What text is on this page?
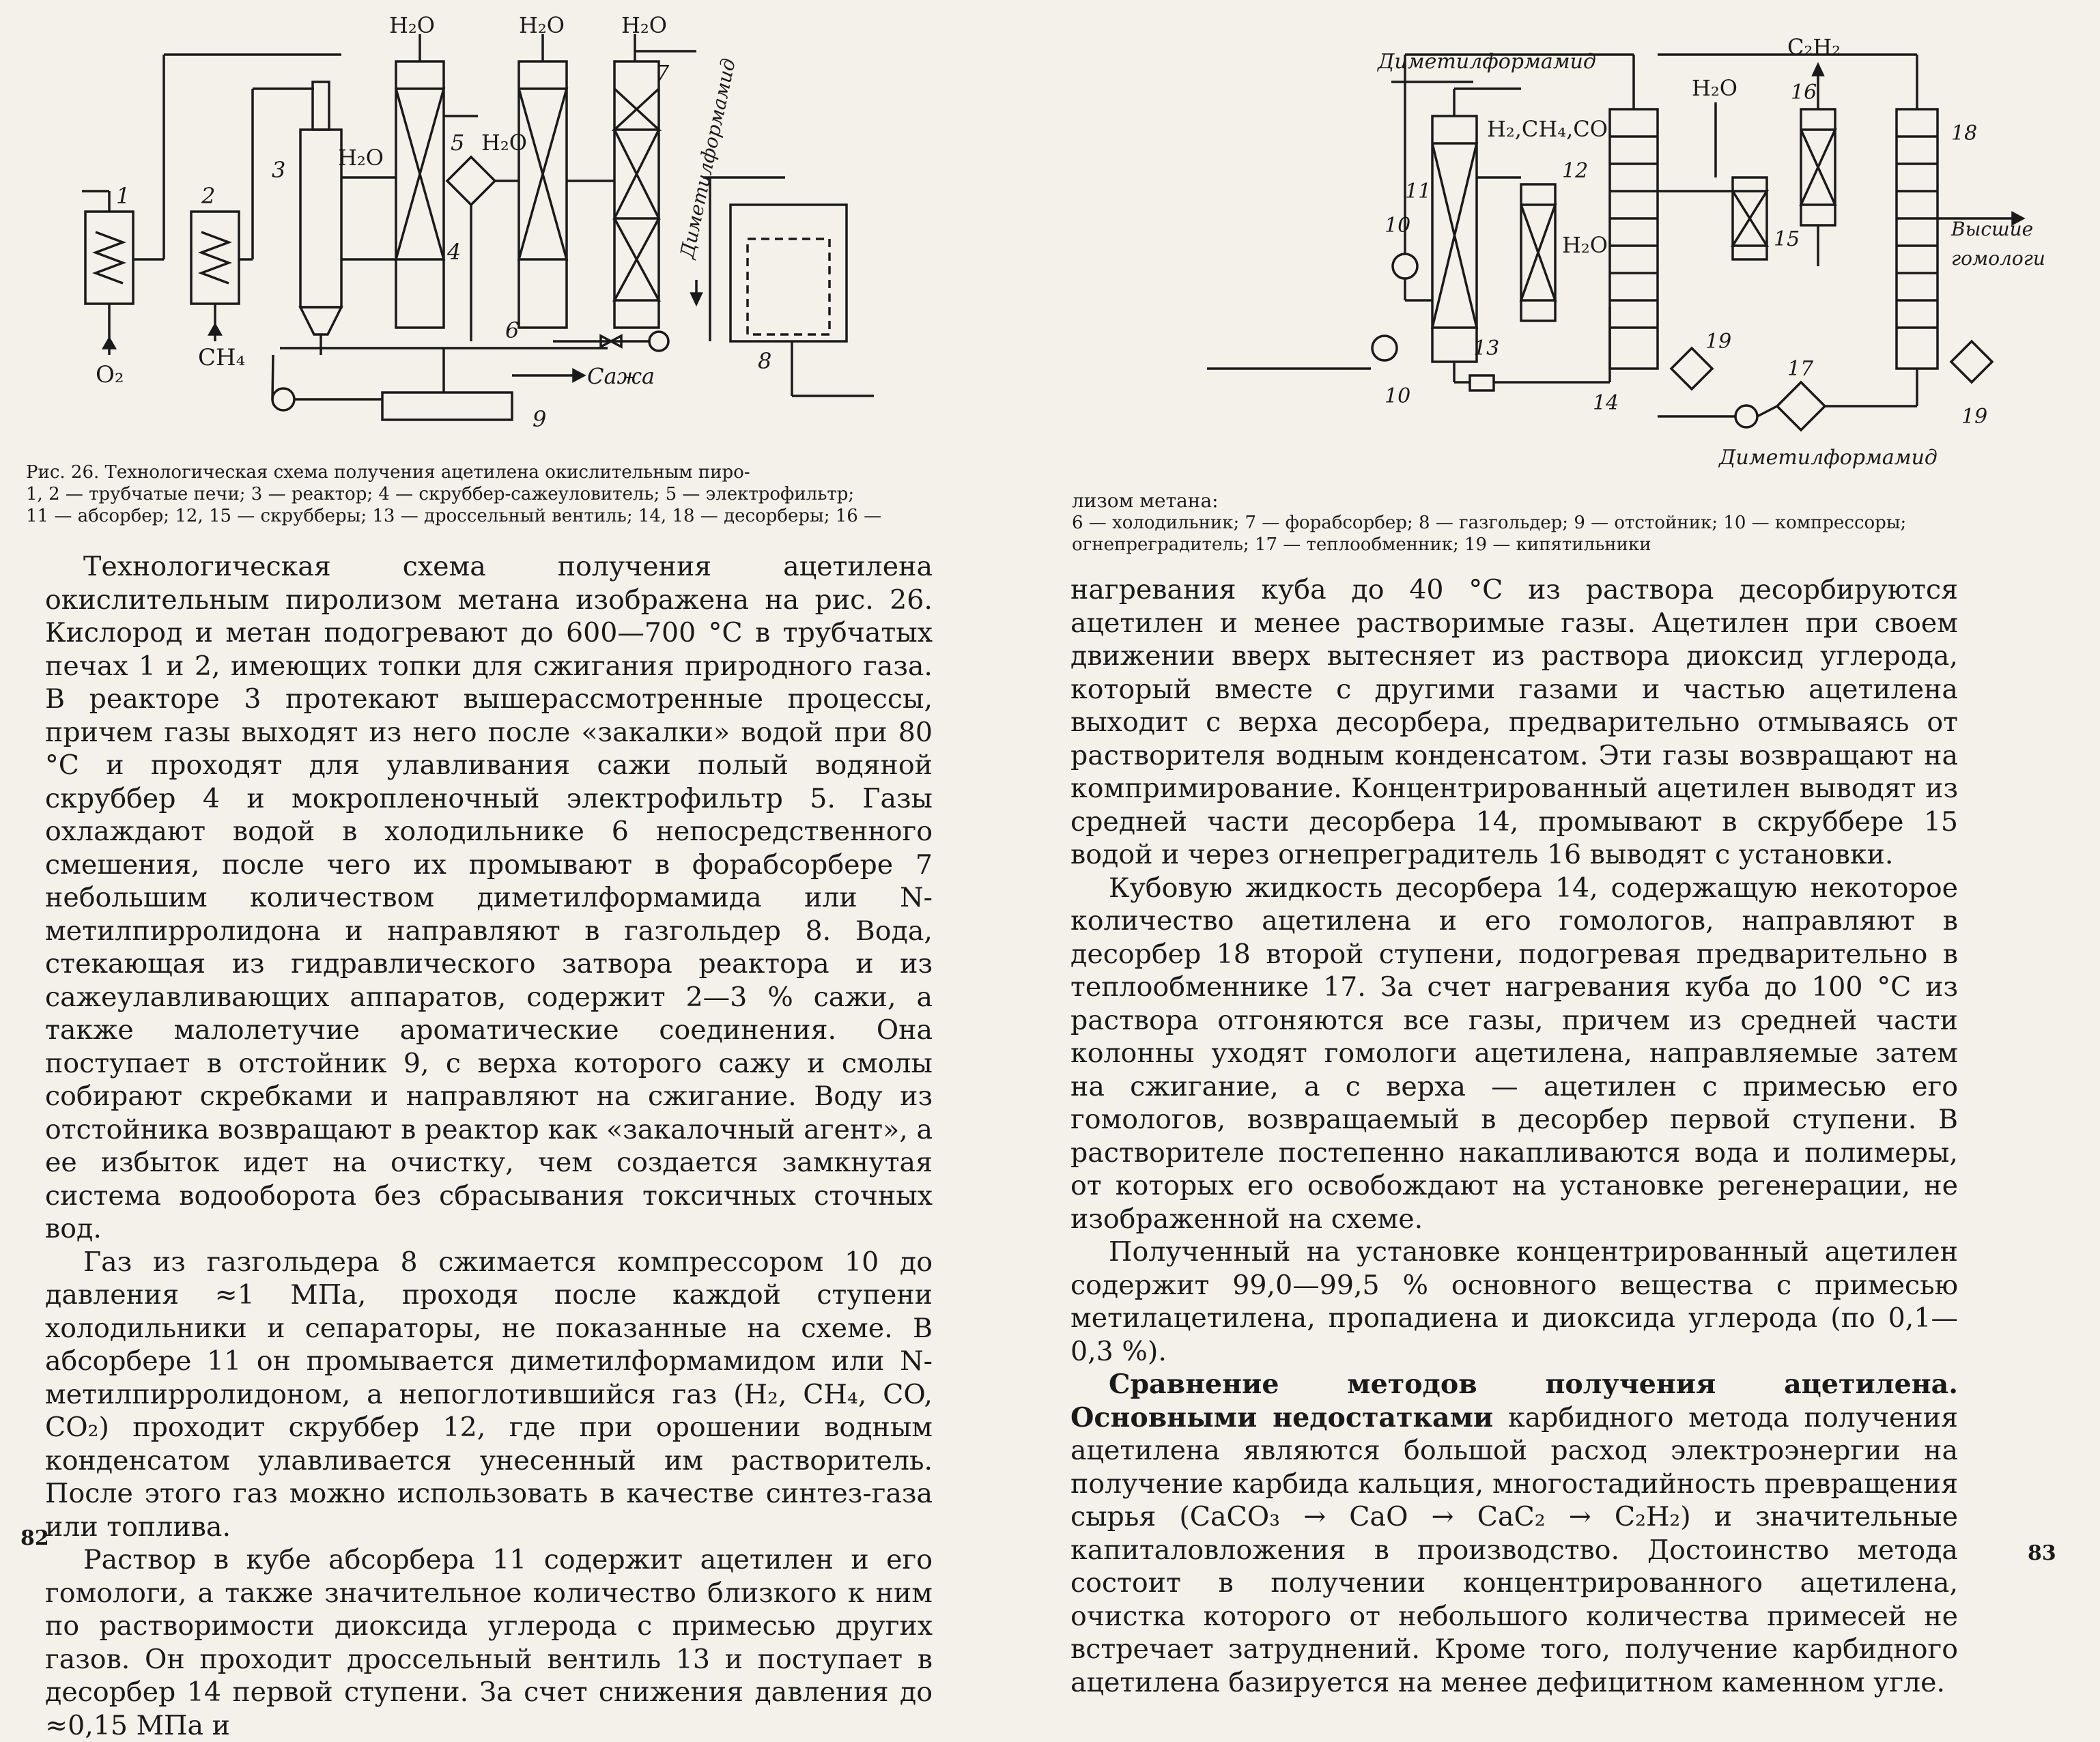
1
O₂
2
CH₄
3 H₂O
H₂O
4
5 H₂O
H₂O
6
H₂O
7 Диметилформамид
8
Сажа
9

Рис. 26. Технологическая схема получения ацетилена окислительным пиро-

1, 2 — трубчатые печи; 3 — реактор; 4 — скруббер-сажеуловитель; 5 — электрофильтр;

11 — абсорбер; 12, 15 — скрубберы; 13 — дроссельный вентиль; 14, 18 — десорберы; 16 —

Технологическая схема получения ацетилена окислительным пиролизом метана изображена на рис. 26. Кислород и метан подогревают до 600—700 °С в трубчатых печах 1 и 2, имеющих топки для сжигания природного газа. В реакторе 3 протекают вышерассмотренные процессы, причем газы выходят из него после «закалки» водой при 80 °С и проходят для улавливания сажи полый водяной скруббер 4 и мокропленочный электрофильтр 5. Газы охлаждают водой в холодильнике 6 непосредственного смешения, после чего их промывают в форабсорбере 7 небольшим количеством диметилформамида или N-метилпирролидона и направляют в газгольдер 8. Вода, стекающая из гидравлического затвора реактора и из сажеулавливающих аппаратов, содержит 2—3 % сажи, а также малолетучие ароматические соединения. Она поступает в отстойник 9, с верха которого сажу и смолы собирают скребками и направляют на сжигание. Воду из отстойника возвращают в реактор как «закалочный агент», а ее избыток идет на очистку, чем создается замкнутая система водооборота без сбрасывания токсичных сточных вод.

Газ из газгольдера 8 сжимается компрессором 10 до давления ≈1 МПа, проходя после каждой ступени холодильники и сепараторы, не показанные на схеме. В абсорбере 11 он промывается диметилформамидом или N-метилпирролидоном, а непоглотившийся газ (H₂, CH₄, CO, CO₂) проходит скруббер 12, где при орошении водным конденсатом улавливается унесенный им растворитель. После этого газ можно использовать в качестве синтез-газа или топлива.

Раствор в кубе абсорбера 11 содержит ацетилен и его гомологи, а также значительное количество близкого к ним по растворимости диоксида углерода с примесью других газов. Он проходит дроссельный вентиль 13 и поступает в десорбер 14 первой ступени. За счет снижения давления до ≈0,15 МПа и

82
Диметилформамид
10
10
11
H₂,CH₄,CO
12
H₂O
13
14
19
15
16
H₂O
C₂H₂
17
Диметилформамид
18
Высшие
гомологи
19

лизом метана:

6 — холодильник; 7 — форабсорбер; 8 — газгольдер; 9 — отстойник; 10 — компрессоры;

огнепреградитель; 17 — теплообменник; 19 — кипятильники

нагревания куба до 40 °С из раствора десорбируются ацетилен и менее растворимые газы. Ацетилен при своем движении вверх вытесняет из раствора диоксид углерода, который вместе с другими газами и частью ацетилена выходит с верха десорбера, предварительно отмываясь от растворителя водным конденсатом. Эти газы возвращают на компримирование. Концентрированный ацетилен выводят из средней части десорбера 14, промывают в скруббере 15 водой и через огнепреградитель 16 выводят с установки.

Кубовую жидкость десорбера 14, содержащую некоторое количество ацетилена и его гомологов, направляют в десорбер 18 второй ступени, подогревая предварительно в теплообменнике 17. За счет нагревания куба до 100 °С из раствора отгоняются все газы, причем из средней части колонны уходят гомологи ацетилена, направляемые затем на сжигание, а с верха — ацетилен с примесью его гомологов, возвращаемый в десорбер первой ступени. В растворителе постепенно накапливаются вода и полимеры, от которых его освобождают на установке регенерации, не изображенной на схеме.

Полученный на установке концентрированный ацетилен содержит 99,0—99,5 % основного вещества с примесью метилацетилена, пропадиена и диоксида углерода (по 0,1—0,3 %).

Сравнение методов получения ацетилена. Основными недостатками карбидного метода получения ацетилена являются большой расход электроэнергии на получение карбида кальция, многостадийность превращения сырья (CaCO₃ → CaO → CaC₂ → C₂H₂) и значительные капиталовложения в производство. Достоинство метода состоит в получении концентрированного ацетилена, очистка которого от небольшого количества примесей не встречает затруднений. Кроме того, получение карбидного ацетилена базируется на менее дефицитном каменном угле.

83
